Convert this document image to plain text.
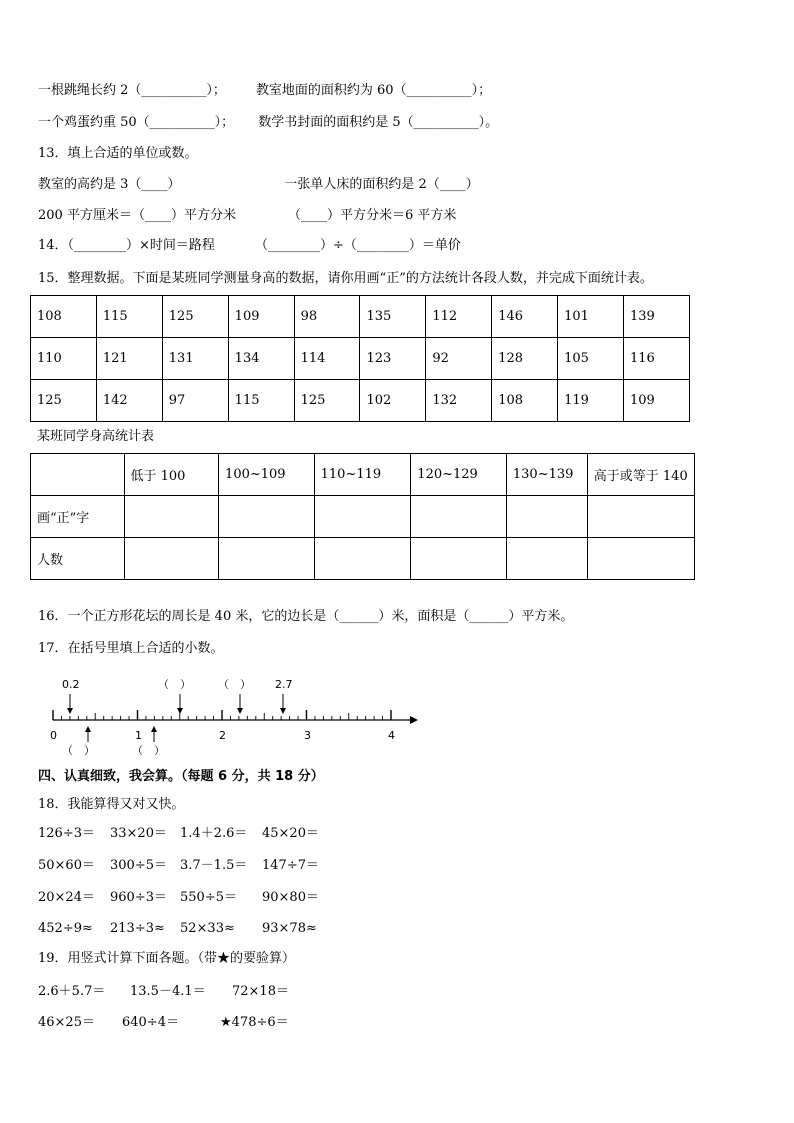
一根跳绳长约 2（__________）； 教室地面的面积约为 60（__________）；
一个鸡蛋约重 50（__________）； 数学书封面的面积约是 5（__________）。
13．填上合适的单位或数。
教室的高约是 3（____）	一张单人床的面积约是 2（____）
200 平方厘米＝（____）平方分米	（____）平方分米＝6 平方米
14．（________）×时间＝路程	（________）÷（________）＝单价
15．整理数据。下面是某班同学测量身高的数据，请你用画“正”的方法统计各段人数，并完成下面统计表。
108	115	125	109	98	135	112	146	101	139
110	121	131	134	114	123	92	128	105	116
125	142	97	115	125	102	132	108	119	109
某班同学身高统计表
	低于 100	100~109	110~119	120~129	130~139	高于或等于 140
画“正”字						
人数						
16．一个正方形花坛的周长是 40 米，它的边长是（______）米，面积是（______）平方米。
17．在括号里填上合适的小数。
0	1	2	3	4
0.2	（　） （　） 2.7
（　）	（　）
四、认真细致，我会算。（每题 6 分，共 18 分）
18．我能算得又对又快。
126÷3＝ 33×20＝ 1.4＋2.6＝ 45×20＝
50×60＝ 300÷5＝ 3.7－1.5＝ 147÷7＝
20×24＝ 960÷3＝ 550÷5＝ 90×80＝
452÷9≈ 213÷3≈ 52×33≈ 93×78≈
19．用竖式计算下面各题。（带★的要验算）
2.6＋5.7＝ 13.5－4.1＝ 72×18＝
46×25＝ 640÷4＝	★478÷6＝
